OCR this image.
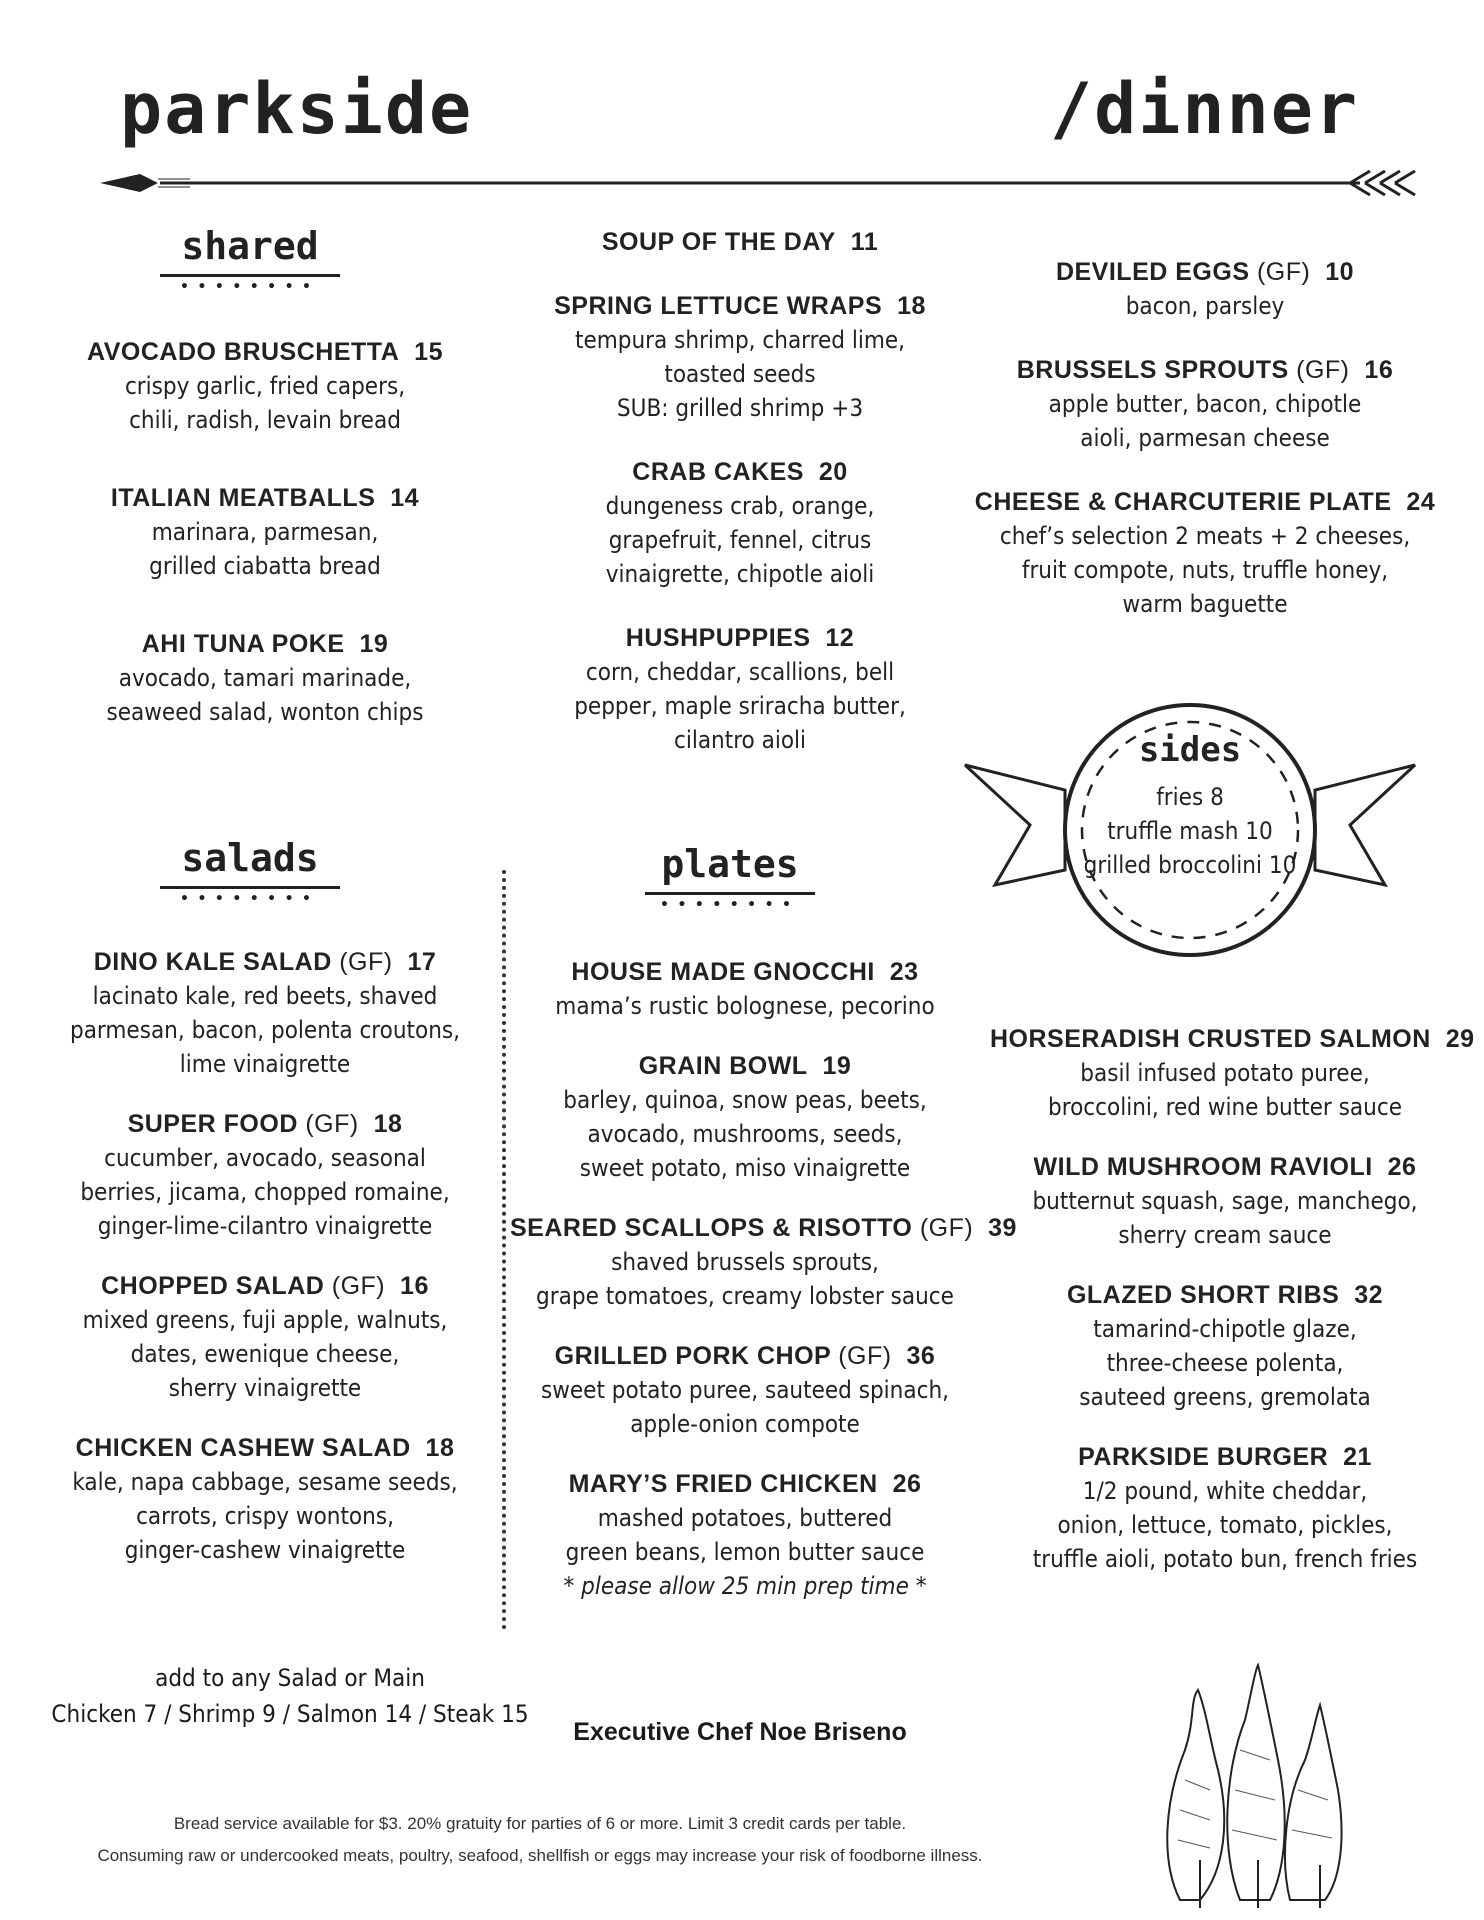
parkside	/dinner
shared
••••••••
salads
••••••••
plates
••••••••
AVOCADO BRUSCHETTA 15
crispy garlic, fried capers,
chili, radish, levain bread
ITALIAN MEATBALLS 14
marinara, parmesan,
grilled ciabatta bread
AHI TUNA POKE 19
avocado, tamari marinade,
seaweed salad, wonton chips
SOUP OF THE DAY 11
SPRING LETTUCE WRAPS 18
tempura shrimp, charred lime,
toasted seeds
SUB: grilled shrimp +3
CRAB CAKES 20
dungeness crab, orange,
grapefruit, fennel, citrus
vinaigrette, chipotle aioli
HUSHPUPPIES 12
corn, cheddar, scallions, bell
pepper, maple sriracha butter,
cilantro aioli
DEVILED EGGS (GF) 10
bacon, parsley
BRUSSELS SPROUTS (GF) 16
apple butter, bacon, chipotle
aioli, parmesan cheese
CHEESE & CHARCUTERIE PLATE 24
chef’s selection 2 meats + 2 cheeses,
fruit compote, nuts, truffle honey,
warm baguette
DINO KALE SALAD (GF) 17
lacinato kale, red beets, shaved
parmesan, bacon, polenta croutons,
lime vinaigrette
SUPER FOOD (GF) 18
cucumber, avocado, seasonal
berries, jicama, chopped romaine,
ginger-lime-cilantro vinaigrette
CHOPPED SALAD (GF) 16
mixed greens, fuji apple, walnuts,
dates, ewenique cheese,
sherry vinaigrette
CHICKEN CASHEW SALAD 18
kale, napa cabbage, sesame seeds,
carrots, crispy wontons,
ginger-cashew vinaigrette
HOUSE MADE GNOCCHI 23
mama’s rustic bolognese, pecorino
GRAIN BOWL 19
barley, quinoa, snow peas, beets,
avocado, mushrooms, seeds,
sweet potato, miso vinaigrette
SEARED SCALLOPS & RISOTTO (GF) 39
shaved brussels sprouts,
grape tomatoes, creamy lobster sauce
GRILLED PORK CHOP (GF) 36
sweet potato puree, sauteed spinach,
apple-onion compote
MARY’S FRIED CHICKEN 26
mashed potatoes, buttered
green beans, lemon butter sauce
* please allow 25 min prep time *
HORSERADISH CRUSTED SALMON 29
basil infused potato puree,
broccolini, red wine butter sauce
WILD MUSHROOM RAVIOLI 26
butternut squash, sage, manchego,
sherry cream sauce
GLAZED SHORT RIBS 32
tamarind-chipotle glaze,
three-cheese polenta,
sauteed greens, gremolata
PARKSIDE BURGER 21
1/2 pound, white cheddar,
onion, lettuce, tomato, pickles,
truffle aioli, potato bun, french fries
sides
fries 8
truffle mash 10
grilled broccolini 10
add to any Salad or Main
Chicken 7 / Shrimp 9 / Salmon 14 / Steak 15
Executive Chef Noe Briseno
Bread service available for $3. 20% gratuity for parties of 6 or more. Limit 3 credit cards per table.
Consuming raw or undercooked meats, poultry, seafood, shellfish or eggs may increase your risk of foodborne illness.
